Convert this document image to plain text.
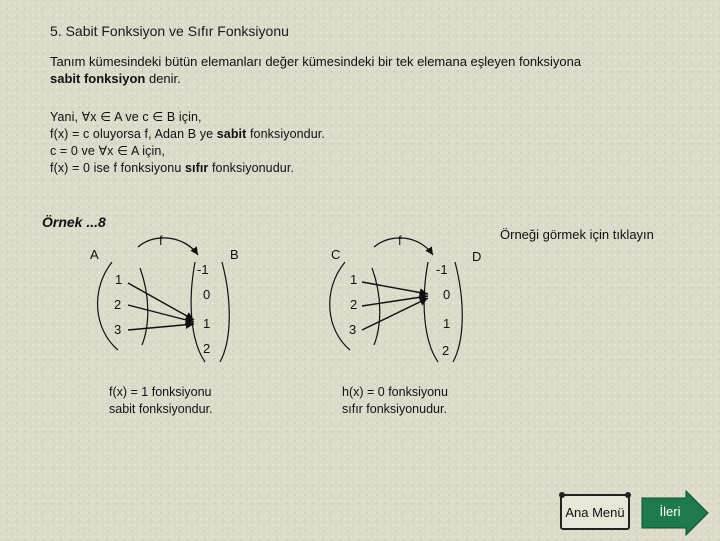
5. Sabit Fonksiyon ve Sıfır Fonksiyonu
Tanım kümesindeki bütün elemanları değer kümesindeki bir tek elemana eşleyen fonksiyona
sabit fonksiyon denir.
Yani, ∀x ∈ A ve c ∈ B için,
f(x) = c oluyorsa f, Adan B ye sabit fonksiyondur.
c = 0 ve ∀x ∈ A için,
f(x) = 0 ise f fonksiyonu sıfır fonksiyonudur.
Örnek ...8
Örneği görmek için tıklayın
f
A	B
1
2
3
-1
0
1
2
f(x) = 1 fonksiyonu
sabit fonksiyondur.
f
C	D
1
2
3
-1
0
1
2
h(x) = 0 fonksiyonu
sıfır fonksiyonudur.
Ana Menü	İleri
